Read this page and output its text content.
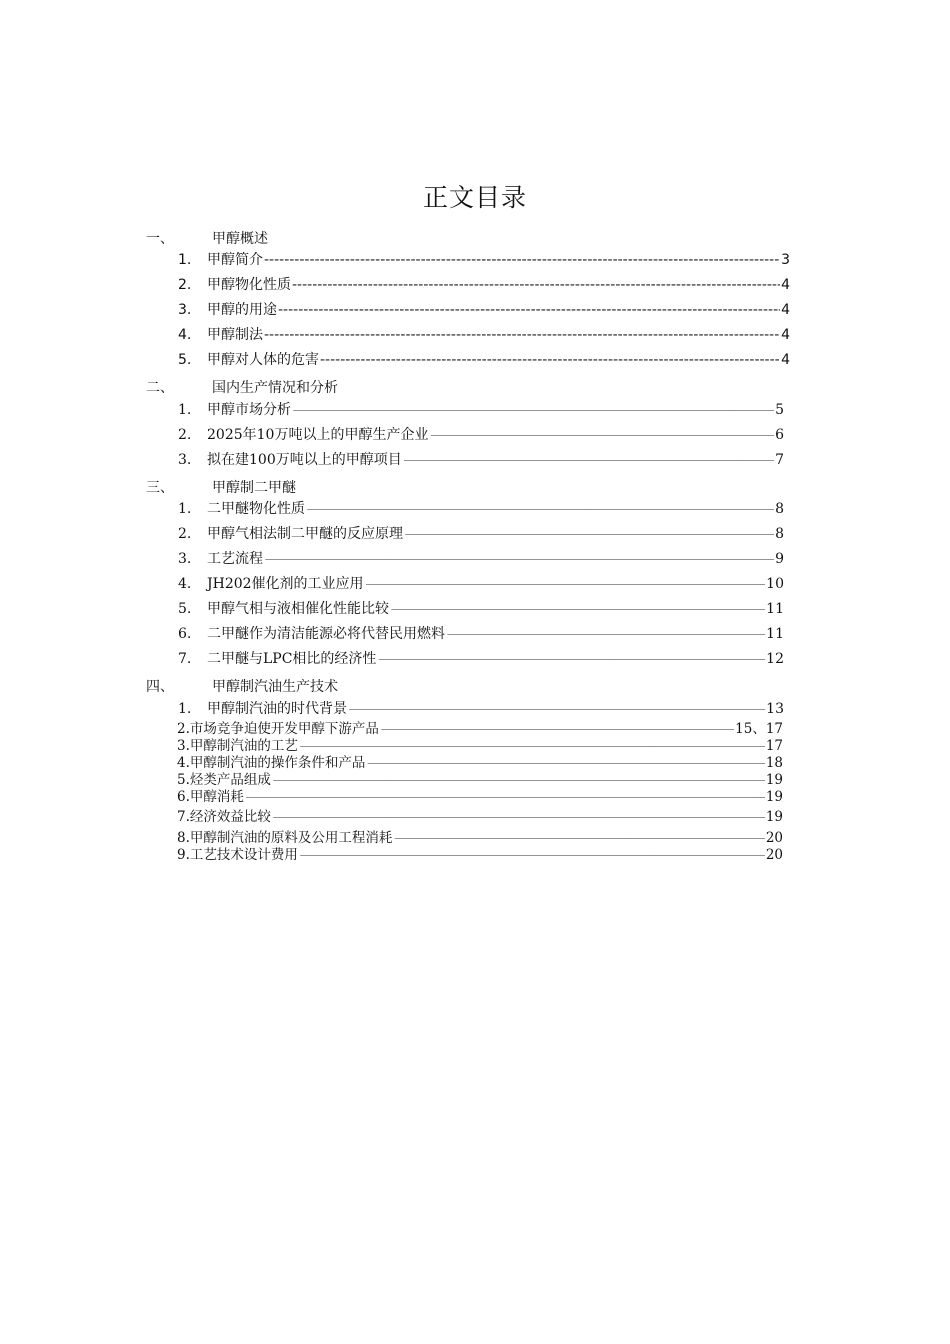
正文目录
一、	甲醇概述
1.	甲醇简介 -----	3
2.	甲醇物化性质 -----	4
3.	甲醇的用途 -----	4
4.	甲醇制法 -----	4
5.	甲醇对人体的危害 -----	4
二、	国内生产情况和分析
1.	甲醇市场分析 －－－－－－－－－－－－－－－－－－－－－－－－－－－－－－－－－－－－－－－－－－－－－－－－－－－－－－－－－－－－－－－－－－－－－－－－－－－－－－－－－－－－－－－－－－－－	5
2.	2025年10万吨以上的甲醇生产企业 －－－－－－－－－－－－－－－－－－－－－－－－－－－－－－－－－－－－－－－－－－－－－－－－－－－－－－－－－－－－－－－－－－－－－－－－－－－－－－－－－－－－－－－－－－－－	6
3.	拟在建100万吨以上的甲醇项目 －－－－－－－－－－－－－－－－－－－－－－－－－－－－－－－－－－－－－－－－－－－－－－－－－－－－－－－－－－－－－－－－－－－－－－－－－－－－－－－－－－－－－－－－－－－－	7
三、	甲醇制二甲醚
1.	二甲醚物化性质 －－－－－－－－－－－－－－－－－－－－－－－－－－－－－－－－－－－－－－－－－－－－－－－－－－－－－－－－－－－－－－－－－－－－－－－－－－－－－－－－－－－－－－－－－－－－	8
2.	甲醇气相法制二甲醚的反应原理 －－－－－－－－－－－－－－－－－－－－－－－－－－－－－－－－－－－－－－－－－－－－－－－－－－－－－－－－－－－－－－－－－－－－－－－－－－－－－－－－－－－－－－－－－－－－	8
3.	工艺流程 －－－－－－－－－－－－－－－－－－－－－－－－－－－－－－－－－－－－－－－－－－－－－－－－－－－－－－－－－－－－－－－－－－－－－－－－－－－－－－－－－－－－－－－－－－－－	9
4.	JH202催化剂的工业应用 －－－－－－－－－－－－－－－－－－－－－－－－－－－－－－－－－－－－－－－－－－－－－－－－－－－－－－－－－－－－－－－－－－－－－－－－－－－－－－－－－－－－－－－－－－－－	10
5.	甲醇气相与液相催化性能比较 －－－－－－－－－－－－－－－－－－－－－－－－－－－－－－－－－－－－－－－－－－－－－－－－－－－－－－－－－－－－－－－－－－－－－－－－－－－－－－－－－－－－－－－－－－－－	11
6.	二甲醚作为清洁能源必将代替民用燃料 －－－－－－－－－－－－－－－－－－－－－－－－－－－－－－－－－－－－－－－－－－－－－－－－－－－－－－－－－－－－－－－－－－－－－－－－－－－－－－－－－－－－－－－－－－－－	11
7.	二甲醚与LPC相比的经济性 －－－－－－－－－－－－－－－－－－－－－－－－－－－－－－－－－－－－－－－－－－－－－－－－－－－－－－－－－－－－－－－－－－－－－－－－－－－－－－－－－－－－－－－－－－－－	12
四、	甲醇制汽油生产技术
1.	甲醇制汽油的时代背景 －－－－－－－－－－－－－－－－－－－－－－－－－－－－－－－－－－－－－－－－－－－－－－－－－－－－－－－－－－－－－－－－－－－－－－－－－－－－－－－－－－－－－－－－－－－－	13
2. 市场竞争迫使开发甲醇下游产品 －－－－－－－－－－－－－－－－－－－－－－－－－－－－－－－－－－－－－－－－－－－－－－－－－－－－－－－－－－－－－－－－－－－－－－－－－－－－－－－－－－－－－－－－－－－－	15、17
3. 甲醇制汽油的工艺 －－－－－－－－－－－－－－－－－－－－－－－－－－－－－－－－－－－－－－－－－－－－－－－－－－－－－－－－－－－－－－－－－－－－－－－－－－－－－－－－－－－－－－－－－－－－	17
4. 甲醇制汽油的操作条件和产品 －－－－－－－－－－－－－－－－－－－－－－－－－－－－－－－－－－－－－－－－－－－－－－－－－－－－－－－－－－－－－－－－－－－－－－－－－－－－－－－－－－－－－－－－－－－－	18
5. 烃类产品组成 －－－－－－－－－－－－－－－－－－－－－－－－－－－－－－－－－－－－－－－－－－－－－－－－－－－－－－－－－－－－－－－－－－－－－－－－－－－－－－－－－－－－－－－－－－－－	19
6. 甲醇消耗 －－－－－－－－－－－－－－－－－－－－－－－－－－－－－－－－－－－－－－－－－－－－－－－－－－－－－－－－－－－－－－－－－－－－－－－－－－－－－－－－－－－－－－－－－－－－	19
7. 经济效益比较 －－－－－－－－－－－－－－－－－－－－－－－－－－－－－－－－－－－－－－－－－－－－－－－－－－－－－－－－－－－－－－－－－－－－－－－－－－－－－－－－－－－－－－－－－－－－	19
8. 甲醇制汽油的原料及公用工程消耗 －－－－－－－－－－－－－－－－－－－－－－－－－－－－－－－－－－－－－－－－－－－－－－－－－－－－－－－－－－－－－－－－－－－－－－－－－－－－－－－－－－－－－－－－－－－－	20
9. 工艺技术设计费用 －－－－－－－－－－－－－－－－－－－－－－－－－－－－－－－－－－－－－－－－－－－－－－－－－－－－－－－－－－－－－－－－－－－－－－－－－－－－－－－－－－－－－－－－－－－－	20
